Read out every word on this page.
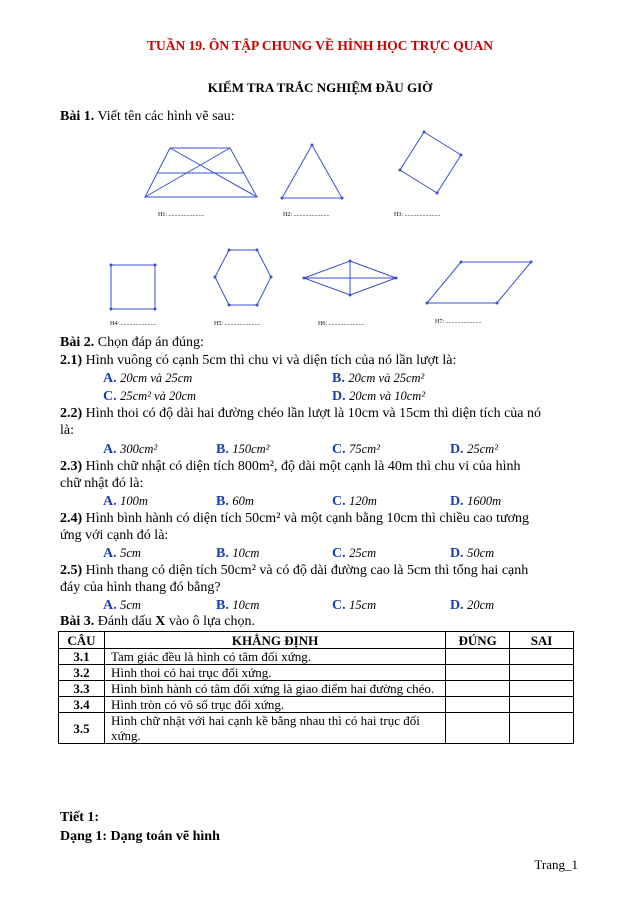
TUẦN 19. ÔN TẬP CHUNG VỀ HÌNH HỌC TRỰC QUAN
KIỂM TRA TRẮC NGHIỆM ĐẦU GIỜ
Bài 1. Viết tên các hình vẽ sau:
H1: ........................	H2: ........................	H3: ........................
H4: ........................	H5: ........................	H6: ........................	H7: ........................
Bài 2. Chọn đáp án đúng:
2.1) Hình vuông có cạnh 5cm thì chu vi và diện tích của nó lần lượt là:
A. 20cm và 25cm	B. 20cm và 25cm²
C. 25cm² và 20cm	D. 20cm và 10cm²
2.2) Hình thoi có độ dài hai đường chéo lần lượt là 10cm và 15cm thì diện tích của nó
là:
A. 300cm²	B. 150cm²	C. 75cm²	D. 25cm²
2.3) Hình chữ nhật có diện tích 800m², độ dài một cạnh là 40m thì chu vi của hình
chữ nhật đó là:
A. 100m	B. 60m	C. 120m	D. 1600m
2.4) Hình bình hành có diện tích 50cm² và một cạnh bằng 10cm thì chiều cao tương
ứng với cạnh đó là:
A. 5cm	B. 10cm	C. 25cm	D. 50cm
2.5) Hình thang có diện tích 50cm² và có độ dài đường cao là 5cm thì tổng hai cạnh
đáy của hình thang đó bằng?
A. 5cm	B. 10cm	C. 15cm	D. 20cm
Bài 3. Đánh dấu X vào ô lựa chọn.
CÂU	KHẲNG ĐỊNH	ĐÚNG	SAI
3.1	Tam giác đều là hình có tâm đối xứng.		
3.2	Hình thoi có hai trục đối xứng.		
3.3	Hình bình hành có tâm đối xứng là giao điểm hai đường chéo.		
3.4	Hình tròn có vô số trục đối xứng.		
3.5	Hình chữ nhật với hai cạnh kề bằng nhau thì có hai trục đối xứng.		
Tiết 1:
Dạng 1: Dạng toán vẽ hình
Trang_1
